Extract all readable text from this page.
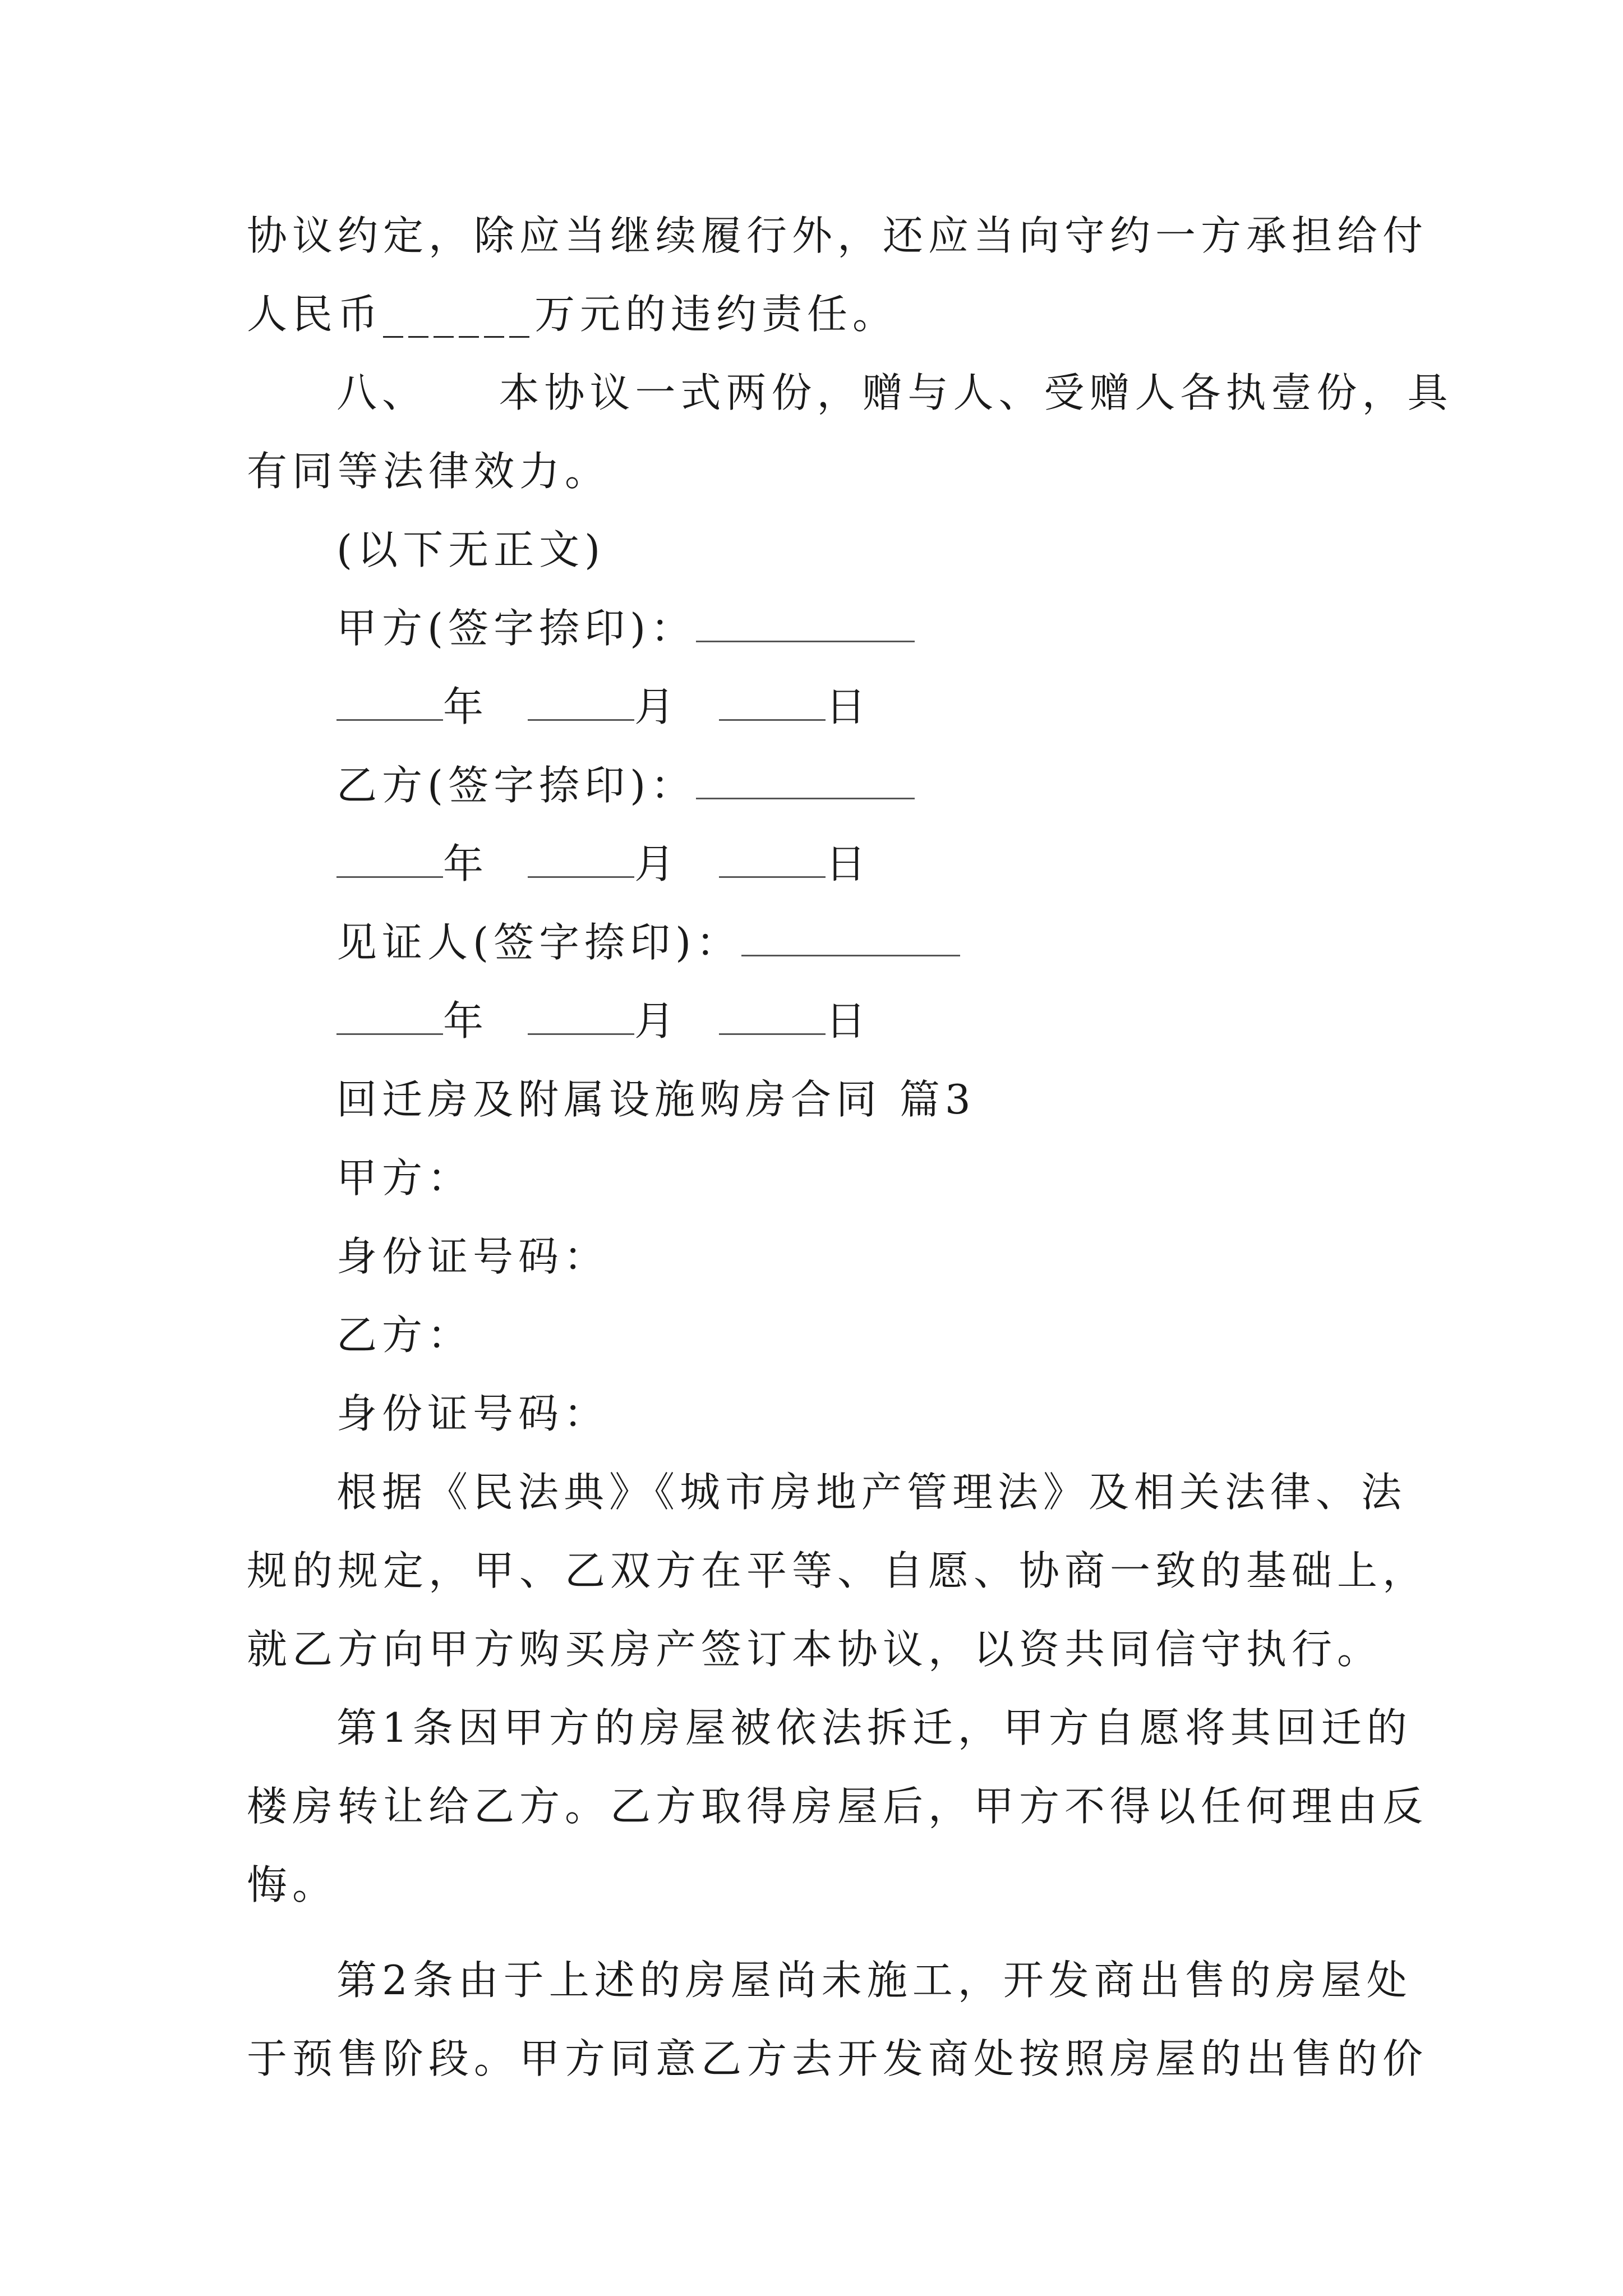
协议约定，除应当继续履行外，还应当向守约一方承担给付
人民币______万元的违约责任。
八、    本协议一式两份，赠与人、受赠人各执壹份，具
有同等法律效力。
(以下无正文)
甲方(签字捺印)：
年	月	日
乙方(签字捺印)：
年	月	日
见证人(签字捺印)：
年	月	日
回迁房及附属设施购房合同 篇3
甲方：
身份证号码：
乙方：
身份证号码：
根据《民法典》《城市房地产管理法》及相关法律、法
规的规定，甲、乙双方在平等、自愿、协商一致的基础上，
就乙方向甲方购买房产签订本协议，以资共同信守执行。
第1条因甲方的房屋被依法拆迁，甲方自愿将其回迁的
楼房转让给乙方。乙方取得房屋后，甲方不得以任何理由反
悔。
第2条由于上述的房屋尚未施工，开发商出售的房屋处
于预售阶段。甲方同意乙方去开发商处按照房屋的出售的价
